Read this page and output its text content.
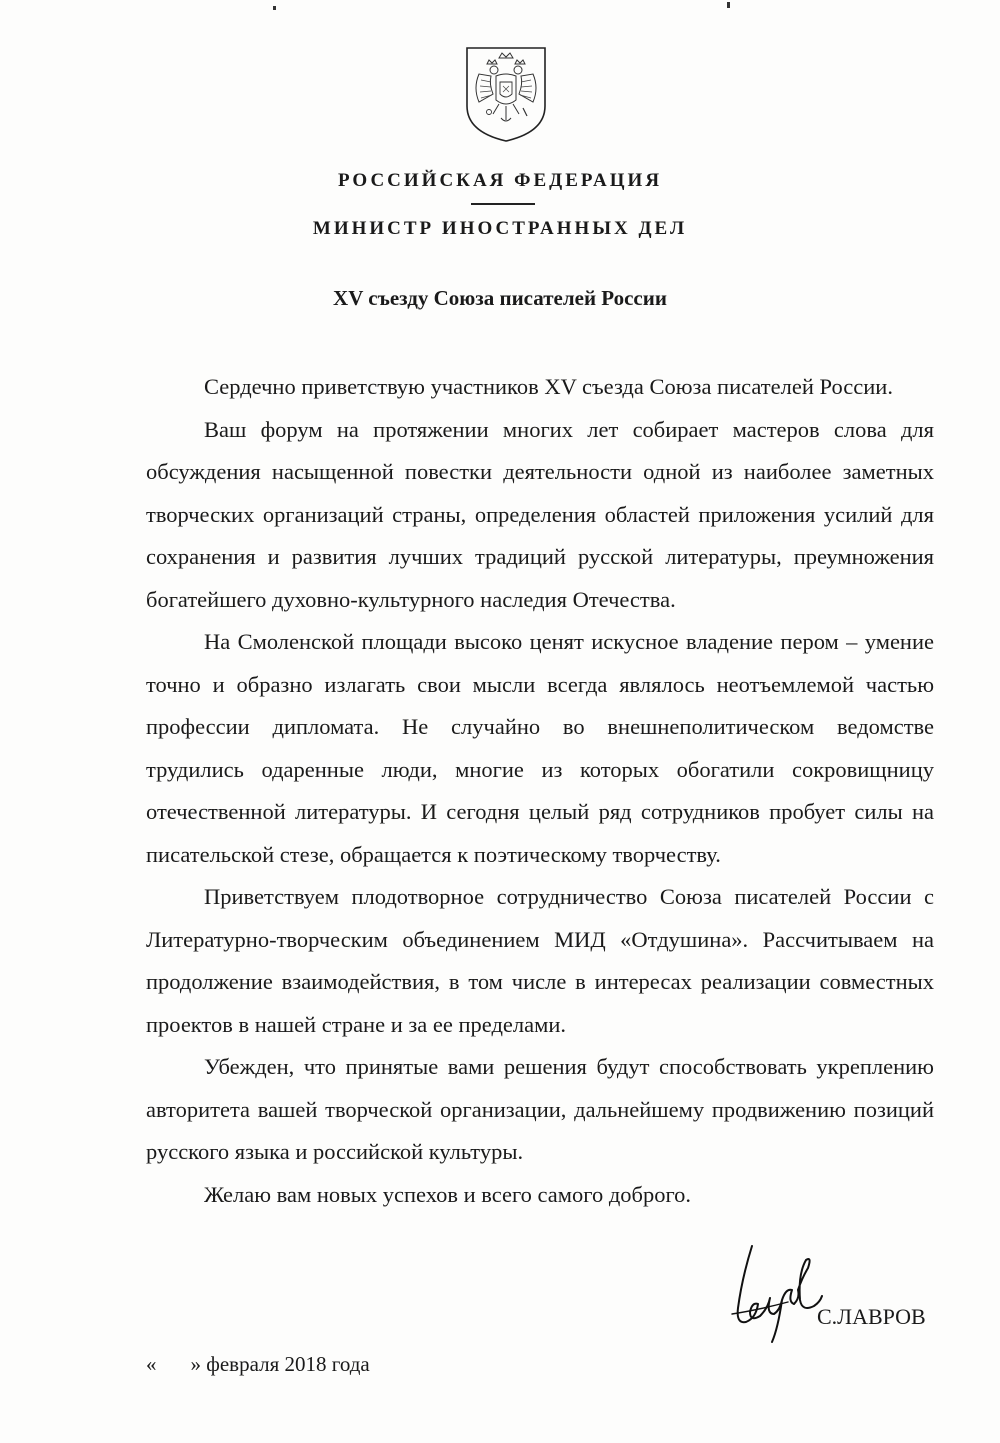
РОССИЙСКАЯ ФЕДЕРАЦИЯ
МИНИСТР ИНОСТРАННЫХ ДЕЛ
XV съезду Союза писателей России

Сердечно приветствую участников XV съезда Союза писателей России.

Ваш форум на протяжении многих лет собирает мастеров слова для обсуждения насыщенной повестки деятельности одной из наиболее заметных творческих организаций страны, определения областей приложения усилий для сохранения и развития лучших традиций русской литературы, преумножения богатейшего духовно-культурного наследия Отечества.

На Смоленской площади высоко ценят искусное владение пером – умение точно и образно излагать свои мысли всегда являлось неотъемлемой частью профессии дипломата. Не случайно во внешнеполитическом ведомстве трудились одаренные люди, многие из которых обогатили сокровищницу отечественной литературы. И сегодня целый ряд сотрудников пробует силы на писательской стезе, обращается к поэтическому творчеству.

Приветствуем плодотворное сотрудничество Союза писателей России с Литературно-творческим объединением МИД «Отдушина». Рассчитываем на продолжение взаимодействия, в том числе в интересах реализации совместных проектов в нашей стране и за ее пределами.

Убежден, что принятые вами решения будут способствовать укреплению авторитета вашей творческой организации, дальнейшему продвижению позиций русского языка и российской культуры.

Желаю вам новых успехов и всего самого доброго.

С.ЛАВРОВ
« » февраля 2018 года
